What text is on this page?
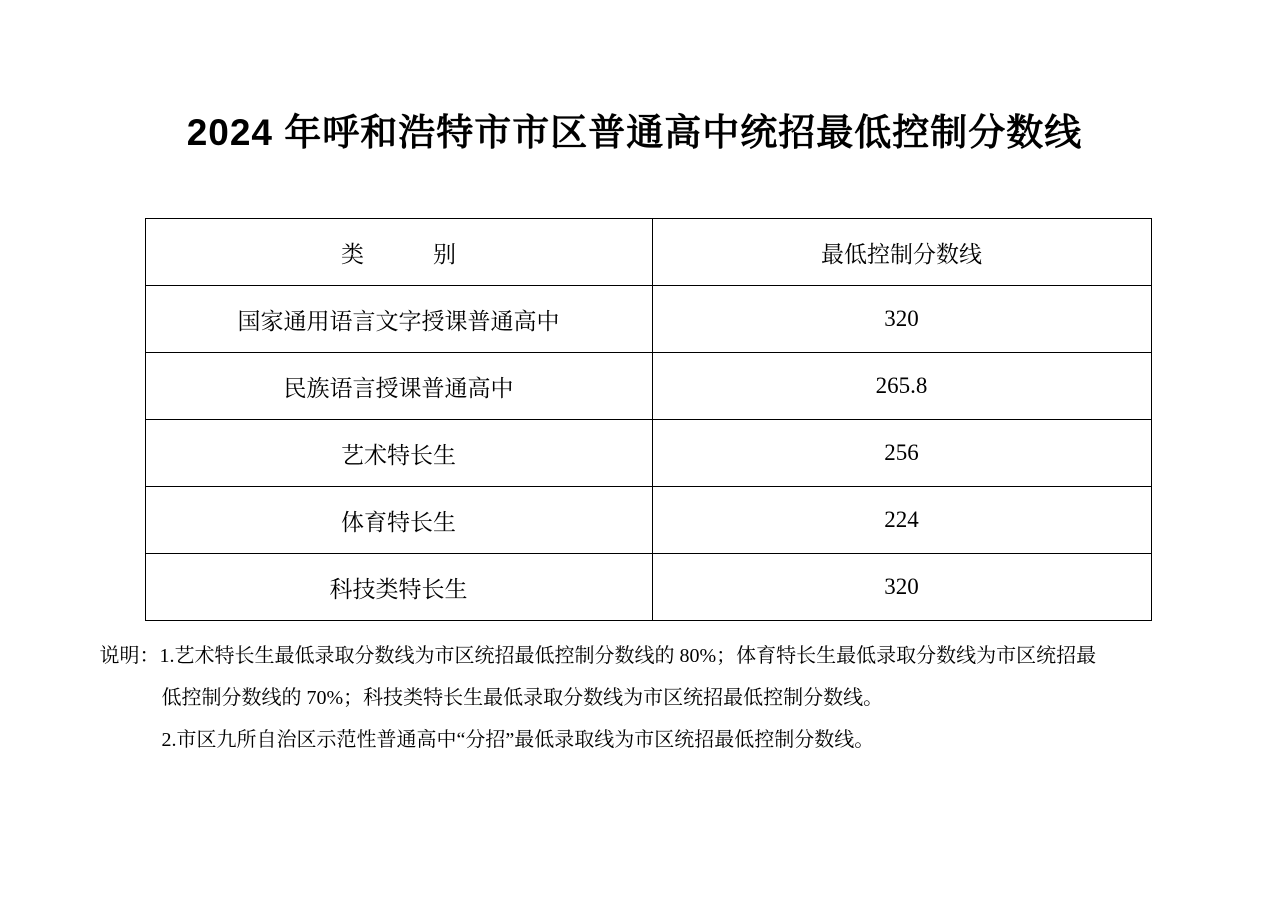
2024 年呼和浩特市市区普通高中统招最低控制分数线
类　　　别	最低控制分数线
国家通用语言文字授课普通高中	320
民族语言授课普通高中	265.8
艺术特长生	256
体育特长生	224
科技类特长生	320
说明：1.艺术特长生最低录取分数线为市区统招最低控制分数线的 80%；体育特长生最低录取分数线为市区统招最
低控制分数线的 70%；科技类特长生最低录取分数线为市区统招最低控制分数线。
2.市区九所自治区示范性普通高中“分招”最低录取线为市区统招最低控制分数线。
